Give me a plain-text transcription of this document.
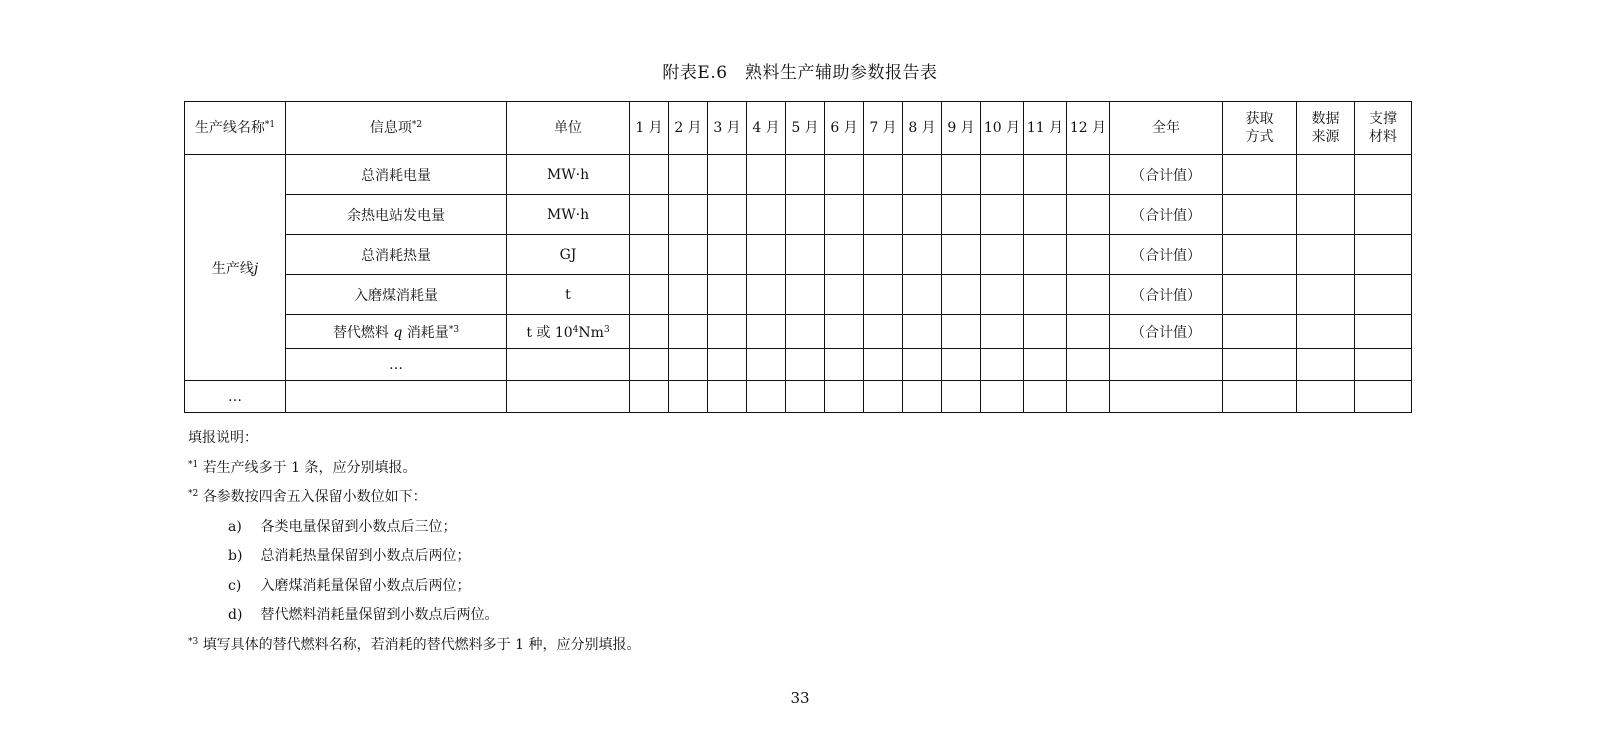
附表E.6　熟料生产辅助参数报告表
生产线名称$^{*1}$	信息项$^{*2}$	单位	1 月	2 月	3 月	4 月	5 月	6 月	7 月	8 月	9 月	10 月	11 月	12 月	全年	获取方式	数据来源	支撑材料
生产线j	总消耗电量	MW·h													（合计值）			
	余热电站发电量	MW·h													（合计值）			
	总消耗热量	GJ													（合计值）			
	入磨煤消耗量	t													（合计值）			
	替代燃料 q 消耗量$^{*3}$	t 或 $10^4Nm^3$													（合计值）			
	…																	
…																		
填报说明：
$^{*1}$ 若生产线多于 1 条，应分别填报。
$^{*2}$ 各参数按四舍五入保留小数位如下：
a) 各类电量保留到小数点后三位；
b) 总消耗热量保留到小数点后两位；
c) 入磨煤消耗量保留小数点后两位；
d) 替代燃料消耗量保留到小数点后两位。
$^{*3}$ 填写具体的替代燃料名称，若消耗的替代燃料多于 1 种，应分别填报。
33
